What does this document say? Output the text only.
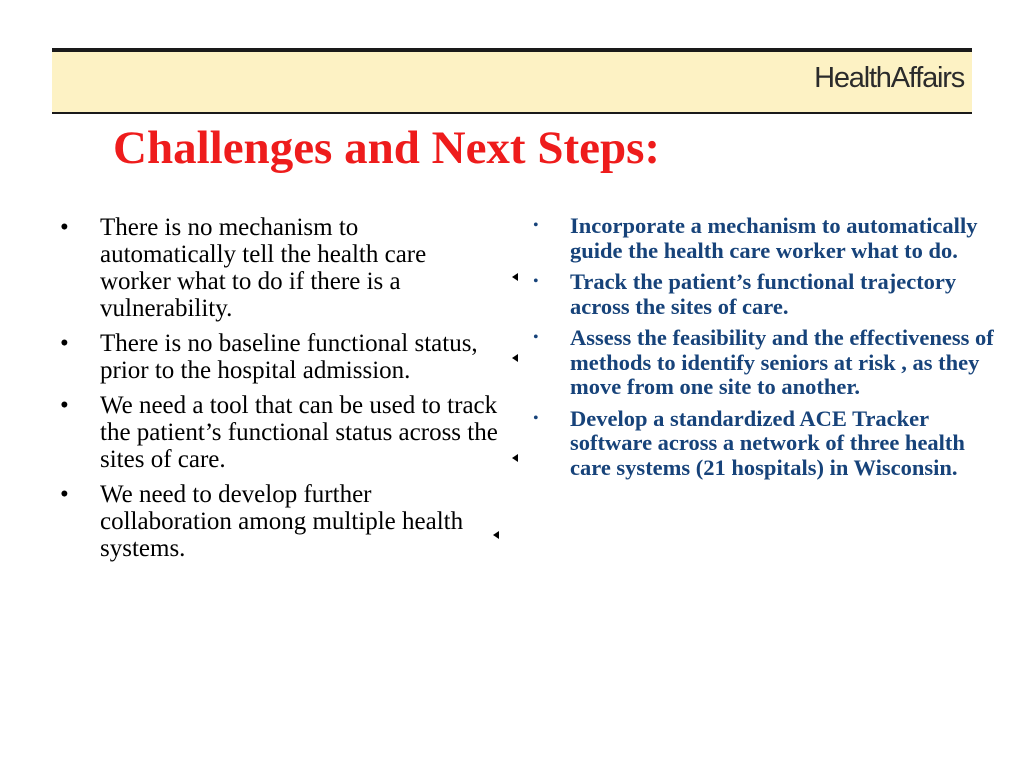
HealthAffairs
Challenges and Next Steps:
• There is no mechanism to automatically tell the health care worker what to do if there is a vulnerability.
• There is no baseline functional status, prior to the hospital admission.
• We need a tool that can be used to track the patient’s functional status across the sites of care.
• We need to develop further collaboration among multiple health systems.
• Incorporate a mechanism to automatically guide the health care worker what to do.
• Track the patient’s functional trajectory across the sites of care.
• Assess the feasibility and the effectiveness of methods to identify seniors at risk , as they move from one site to another.
• Develop a standardized ACE Tracker software across a network of three health care systems (21 hospitals) in Wisconsin.
